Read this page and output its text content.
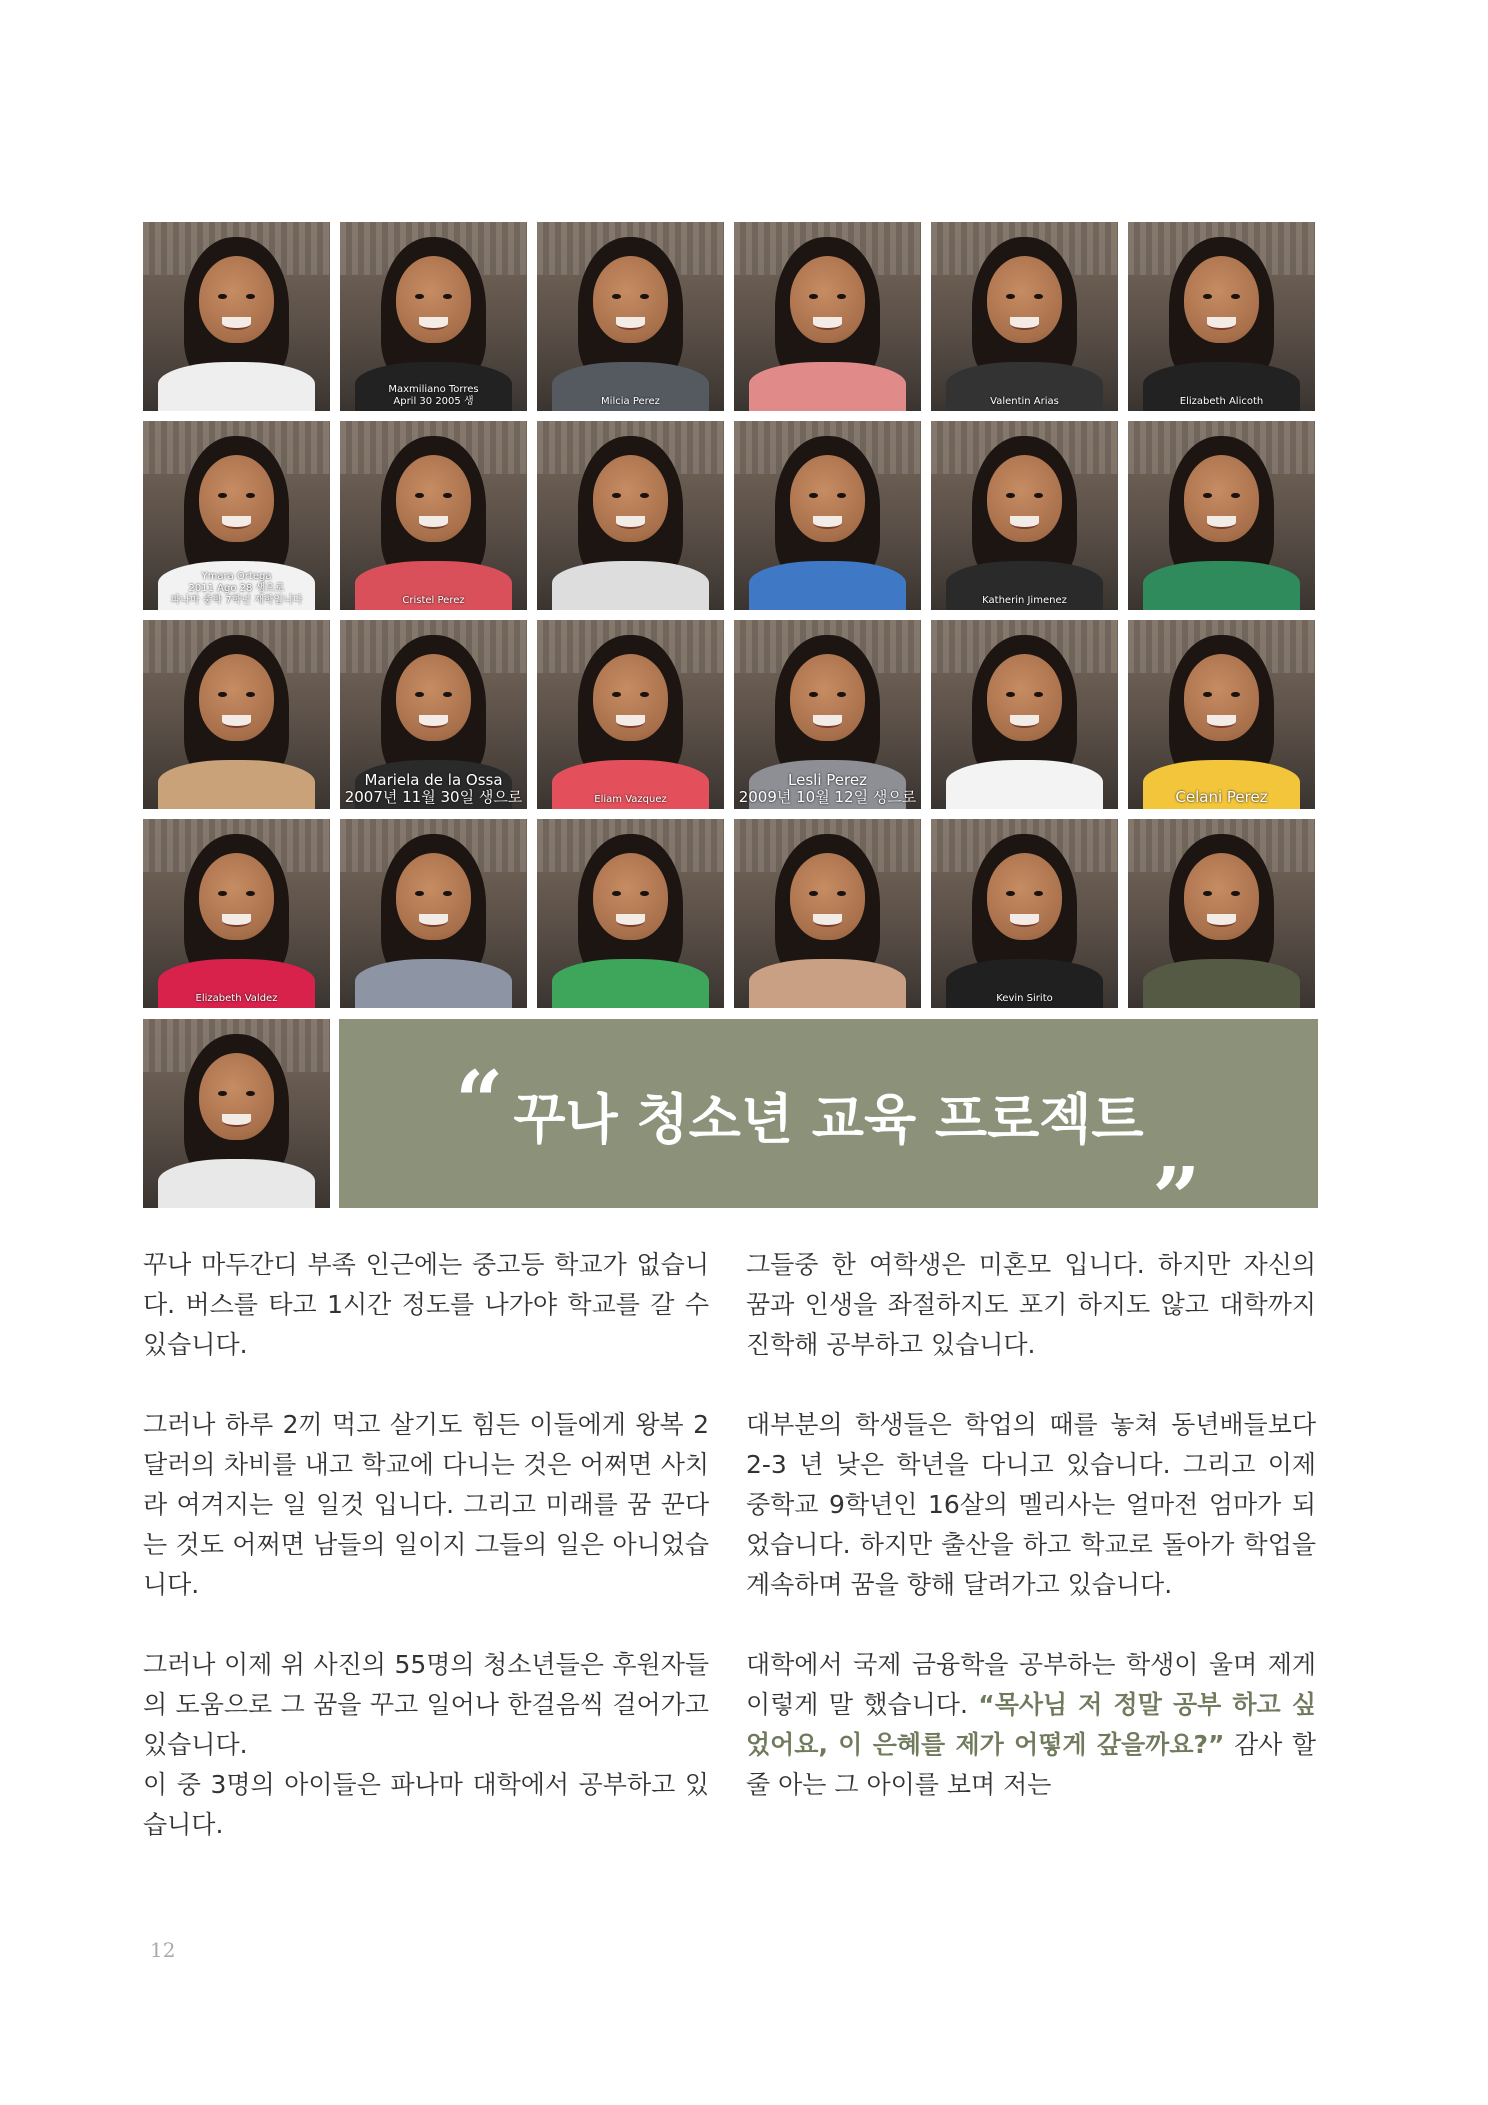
Maxmiliano Torres
April 30 2005 생	Milcia Perez	Valentin Arias	Elizabeth Alicoth
Ymara Ortega
2011 Ago 28 생으로
파나마 중학 7학년 재학입니다	Cristel Perez	Katherin Jimenez
Mariela de la Ossa
2007년 11월 30일 생으로	Eliam Vazquez
Lesli Perez
2009년 10월 12일 생으로	Celani Perez
Elizabeth Valdez	Kevin Sirito
“ 꾸나 청소년 교육 프로젝트 „

꾸나 마두간디 부족 인근에는 중고등 학교가 없습니다. 버스를 타고 1시간 정도를 나가야 학교를 갈 수 있습니다.

그러나 하루 2끼 먹고 살기도 힘든 이들에게 왕복 2달러의 차비를 내고 학교에 다니는 것은 어쩌면 사치라 여겨지는 일 일것 입니다. 그리고 미래를 꿈 꾼다는 것도 어쩌면 남들의 일이지 그들의 일은 아니었습니다.

그러나 이제 위 사진의 55명의 청소년들은 후원자들의 도움으로 그 꿈을 꾸고 일어나 한걸음씩 걸어가고 있습니다.

이 중 3명의 아이들은 파나마 대학에서 공부하고 있습니다.

그들중 한 여학생은 미혼모 입니다. 하지만 자신의 꿈과 인생을 좌절하지도 포기 하지도 않고 대학까지 진학해 공부하고 있습니다.

대부분의 학생들은 학업의 때를 놓쳐 동년배들보다 2-3 년 낮은 학년을 다니고 있습니다. 그리고 이제 중학교 9학년인 16살의 멜리사는 얼마전 엄마가 되었습니다. 하지만 출산을 하고 학교로 돌아가 학업을 계속하며 꿈을 향해 달려가고 있습니다.

대학에서 국제 금융학을 공부하는 학생이 울며 제게 이렇게 말 했습니다. “목사님 저 정말 공부 하고 싶었어요, 이 은혜를 제가 어떻게 갚을까요?” 감사 할 줄 아는 그 아이를 보며 저는

12
